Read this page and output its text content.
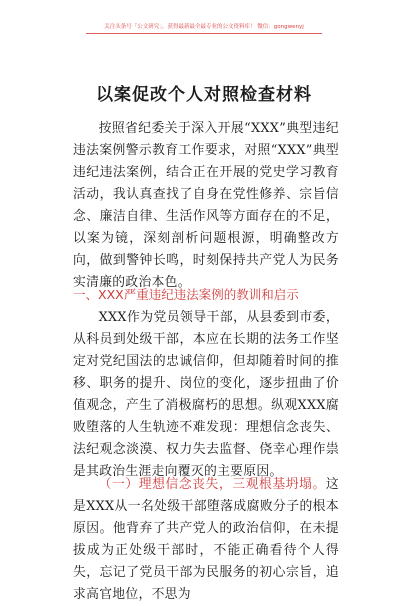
关注头条号「公文研究」，获得最新最全最专业的公文资料库！ 微信：gongwenyj
以案促改个人对照检查材料

按照省纪委关于深入开展“XXX”典型违纪违法案例警示教育工作要求，对照“XXX”典型违纪违法案例，结合正在开展的党史学习教育活动，我认真查找了自身在党性修养、宗旨信念、廉洁自律、生活作风等方面存在的不足，以案为镜，深刻剖析问题根源，明确整改方向，做到警钟长鸣，时刻保持共产党人为民务实清廉的政治本色。

一、XXX严重违纪违法案例的教训和启示

XXX作为党员领导干部，从县委到市委，从科员到处级干部，本应在长期的法务工作坚定对党纪国法的忠诚信仰，但却随着时间的推移、职务的提升、岗位的变化，逐步扭曲了价值观念，产生了消极腐朽的思想。纵观XXX腐败堕落的人生轨迹不难发现：理想信念丧失、法纪观念淡漠、权力失去监督、侥幸心理作祟是其政治生涯走向覆灭的主要原因。

（一）理想信念丧失，三观根基坍塌。这是XXX从一名处级干部堕落成腐败分子的根本原因。他背弃了共产党人的政治信仰，在未提拔成为正处级干部时，不能正确看待个人得失，忘记了党员干部为民服务的初心宗旨，追求高官地位，不思为
